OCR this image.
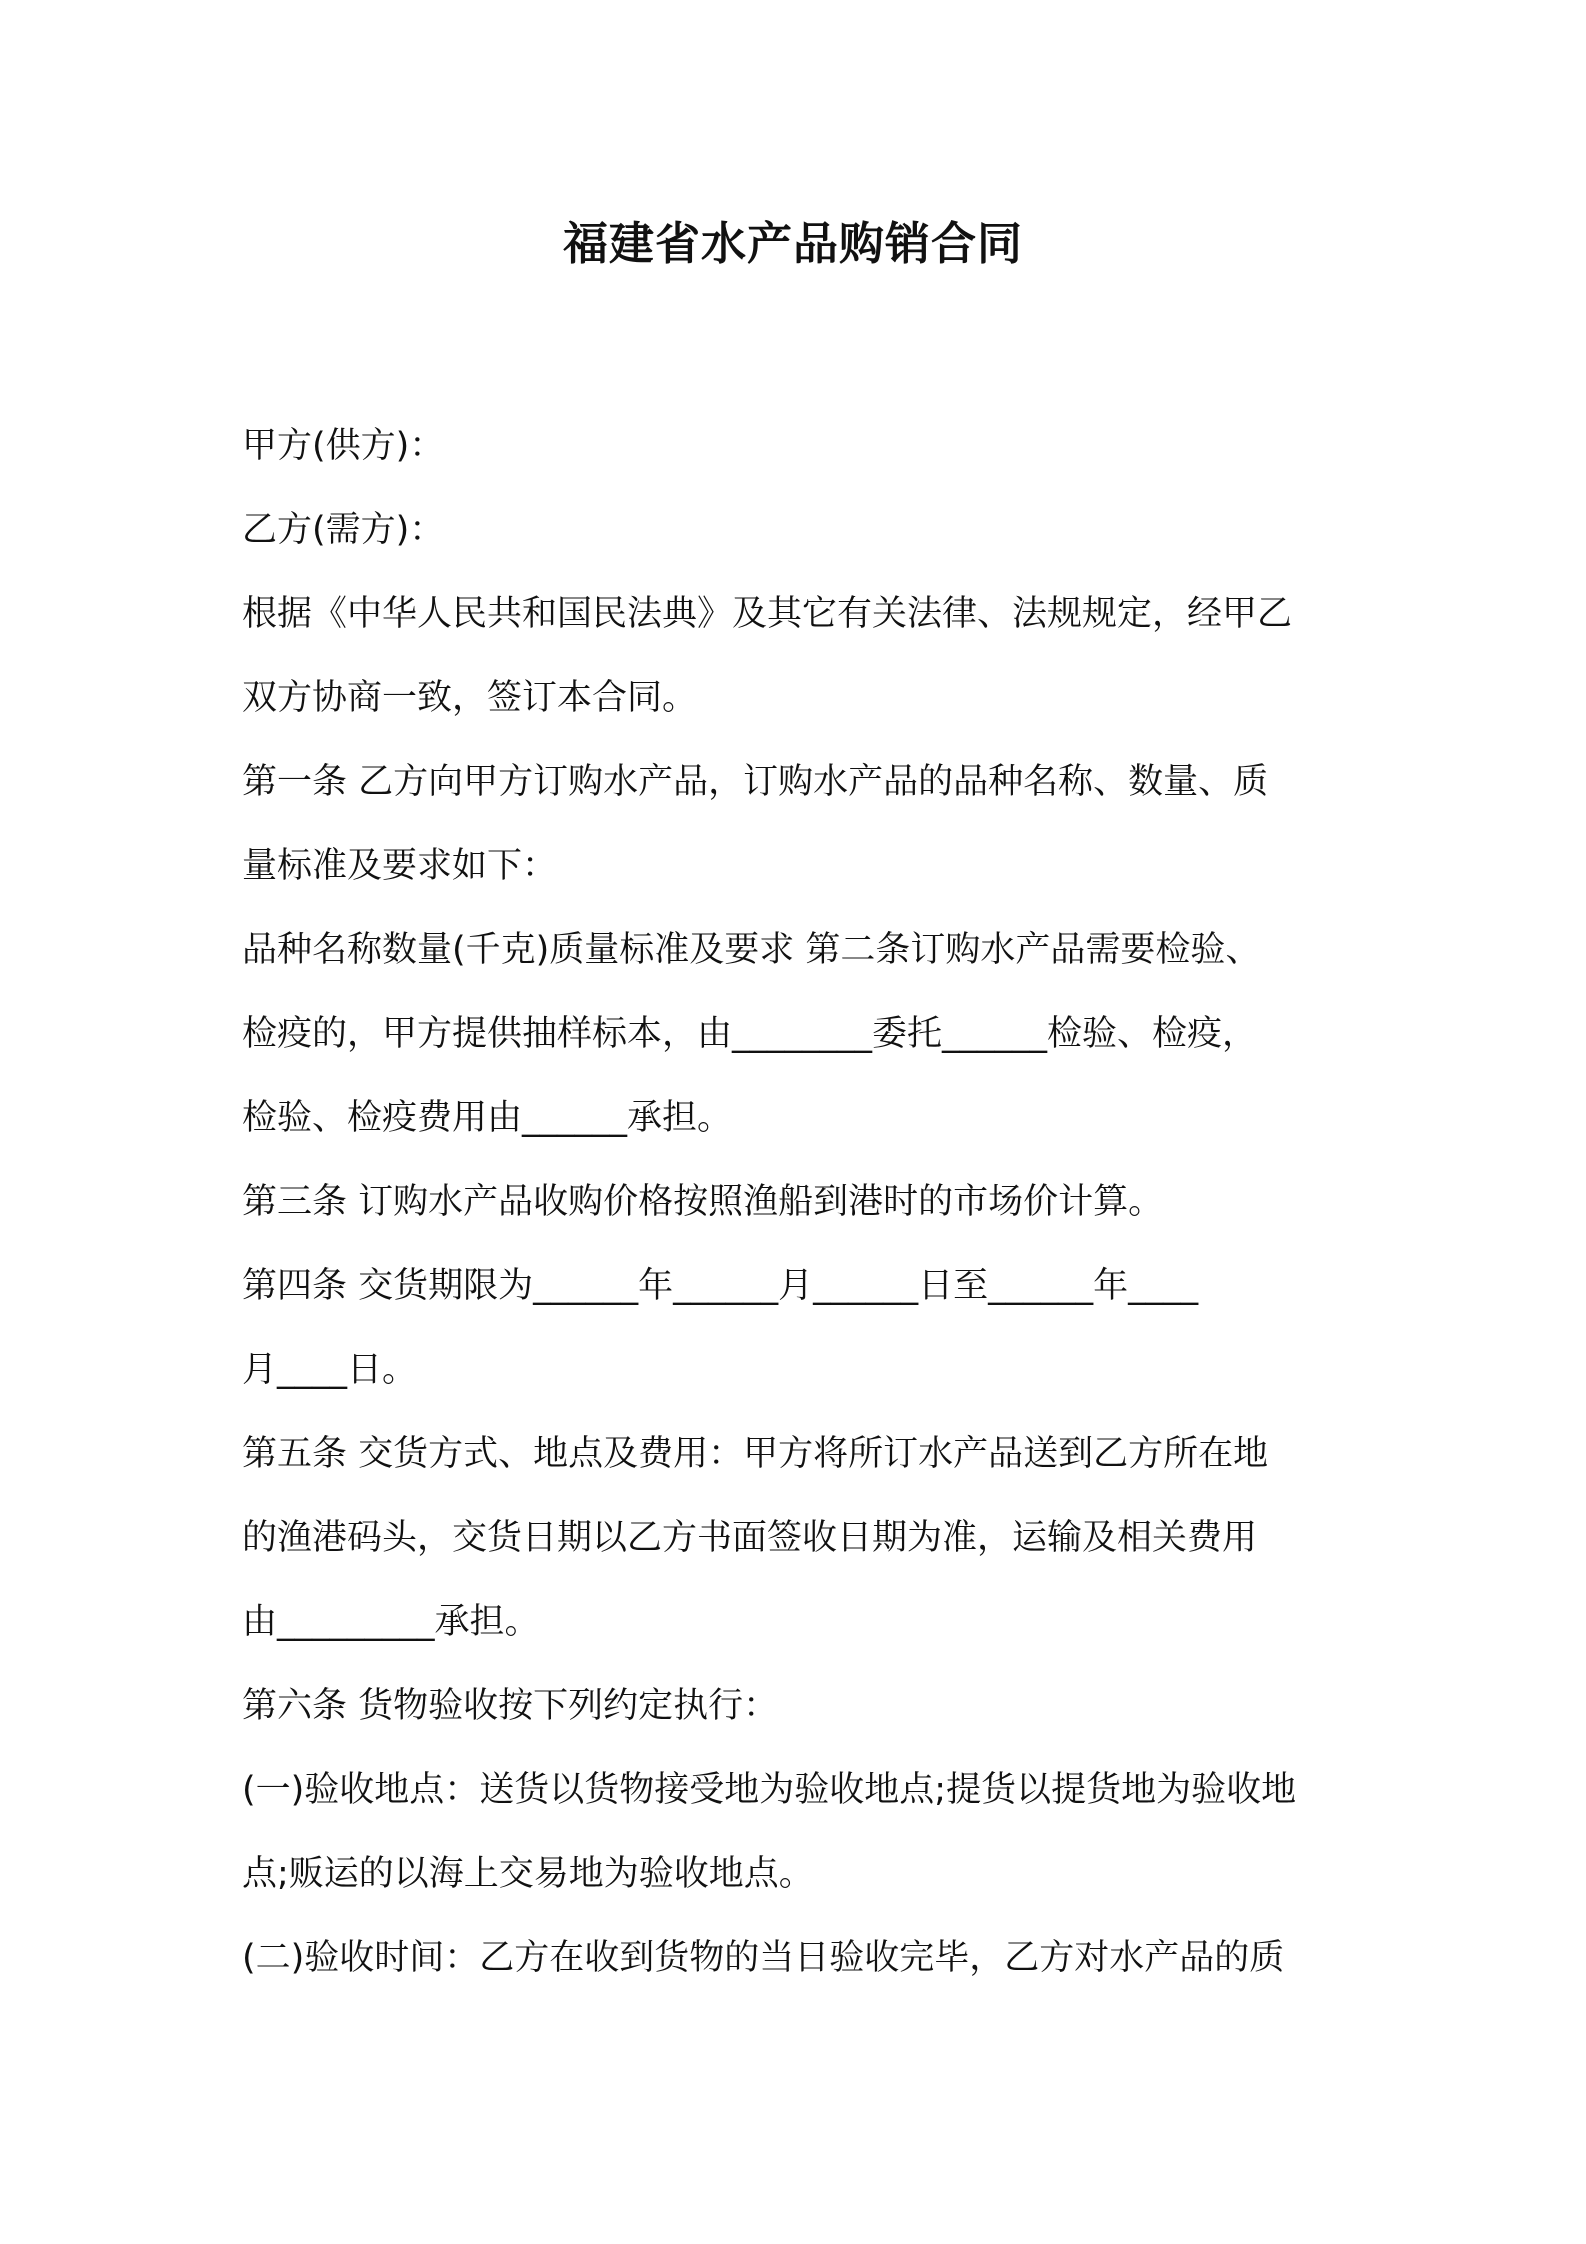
福建省水产品购销合同
甲方(供方)：
乙方(需方)：
根据《中华人民共和国民法典》及其它有关法律、法规规定，经甲乙
双方协商一致，签订本合同。
第一条 乙方向甲方订购水产品，订购水产品的品种名称、数量、质
量标准及要求如下：
品种名称数量(千克)质量标准及要求 第二条订购水产品需要检验、
检疫的，甲方提供抽样标本，由________委托______检验、检疫，
检验、检疫费用由______承担。
第三条 订购水产品收购价格按照渔船到港时的市场价计算。
第四条 交货期限为______年______月______日至______年____
月____日。
第五条 交货方式、地点及费用：甲方将所订水产品送到乙方所在地
的渔港码头，交货日期以乙方书面签收日期为准，运输及相关费用
由_________承担。
第六条 货物验收按下列约定执行：
(一)验收地点：送货以货物接受地为验收地点;提货以提货地为验收地
点;贩运的以海上交易地为验收地点。
(二)验收时间：乙方在收到货物的当日验收完毕，乙方对水产品的质
